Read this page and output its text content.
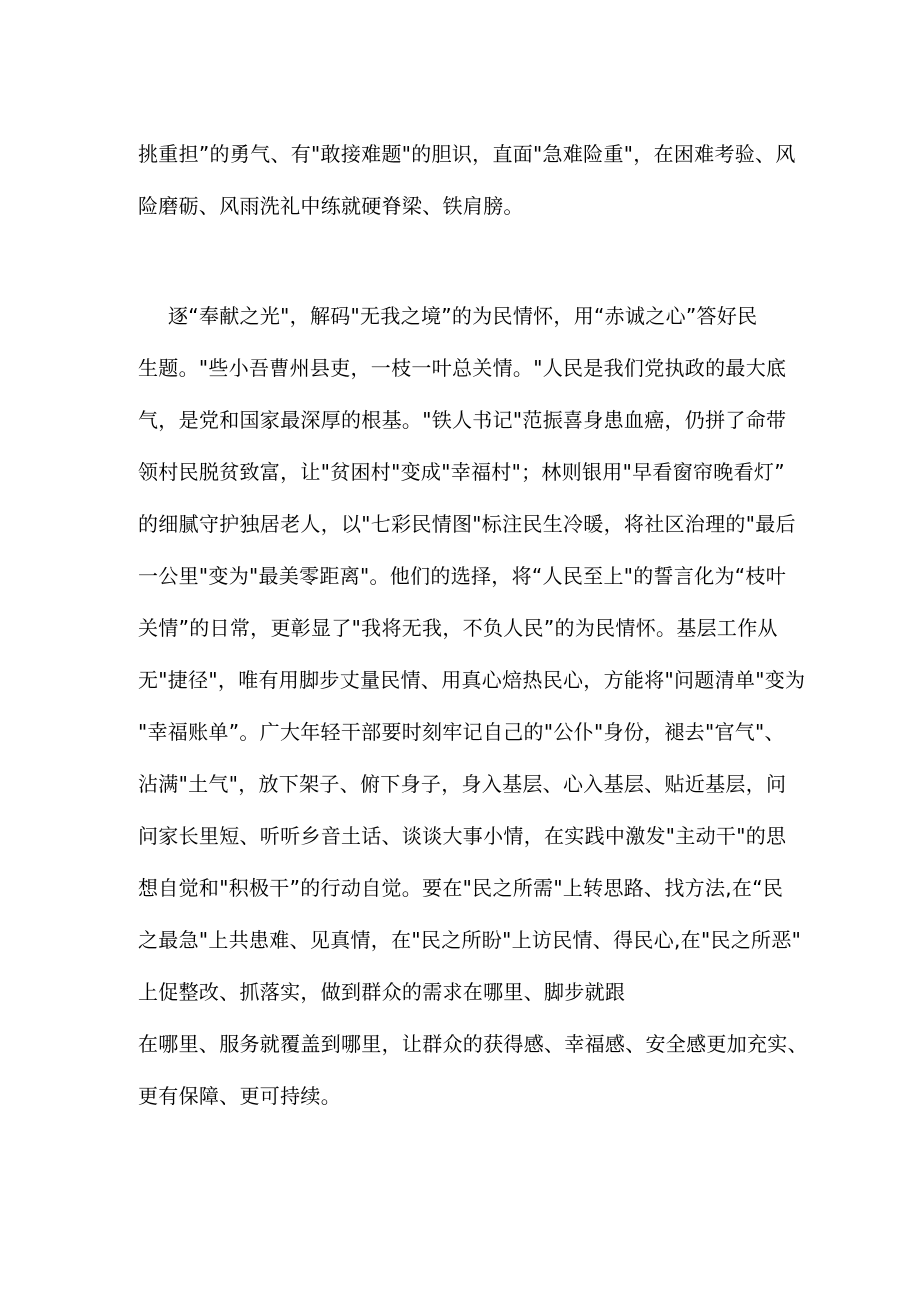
挑重担”的勇气、有"敢接难题"的胆识，直面"急难险重"，在困难考验、风
险磨砺、风雨洗礼中练就硬脊梁、铁肩膀。
逐“奉献之光"，解码"无我之境”的为民情怀，用“赤诚之心”答好民
生题。"些小吾曹州县吏，一枝一叶总关情。"人民是我们党执政的最大底
气，是党和国家最深厚的根基。"铁人书记"范振喜身患血癌，仍拼了命带
领村民脱贫致富，让"贫困村"变成"幸福村"；林则银用"早看窗帘晚看灯”
的细腻守护独居老人，以"七彩民情图"标注民生冷暖，将社区治理的"最后
一公里"变为"最美零距离"。他们的选择，将“人民至上"的誓言化为“枝叶
关情”的日常，更彰显了"我将无我，不负人民”的为民情怀。基层工作从
无"捷径"，唯有用脚步丈量民情、用真心焙热民心，方能将"问题清单"变为
"幸福账单”。广大年轻干部要时刻牢记自己的"公仆"身份，褪去"官气"、
沾满"土气"，放下架子、俯下身子，身入基层、心入基层、贴近基层，问
问家长里短、听听乡音土话、谈谈大事小情，在实践中激发"主动干"的思
想自觉和"积极干”的行动自觉。要在"民之所需"上转思路、找方法,在“民
之最急"上共患难、见真情，在"民之所盼"上访民情、得民心,在"民之所恶"
上促整改、抓落实，做到群众的需求在哪里、脚步就跟
在哪里、服务就覆盖到哪里，让群众的获得感、幸福感、安全感更加充实、
更有保障、更可持续。
